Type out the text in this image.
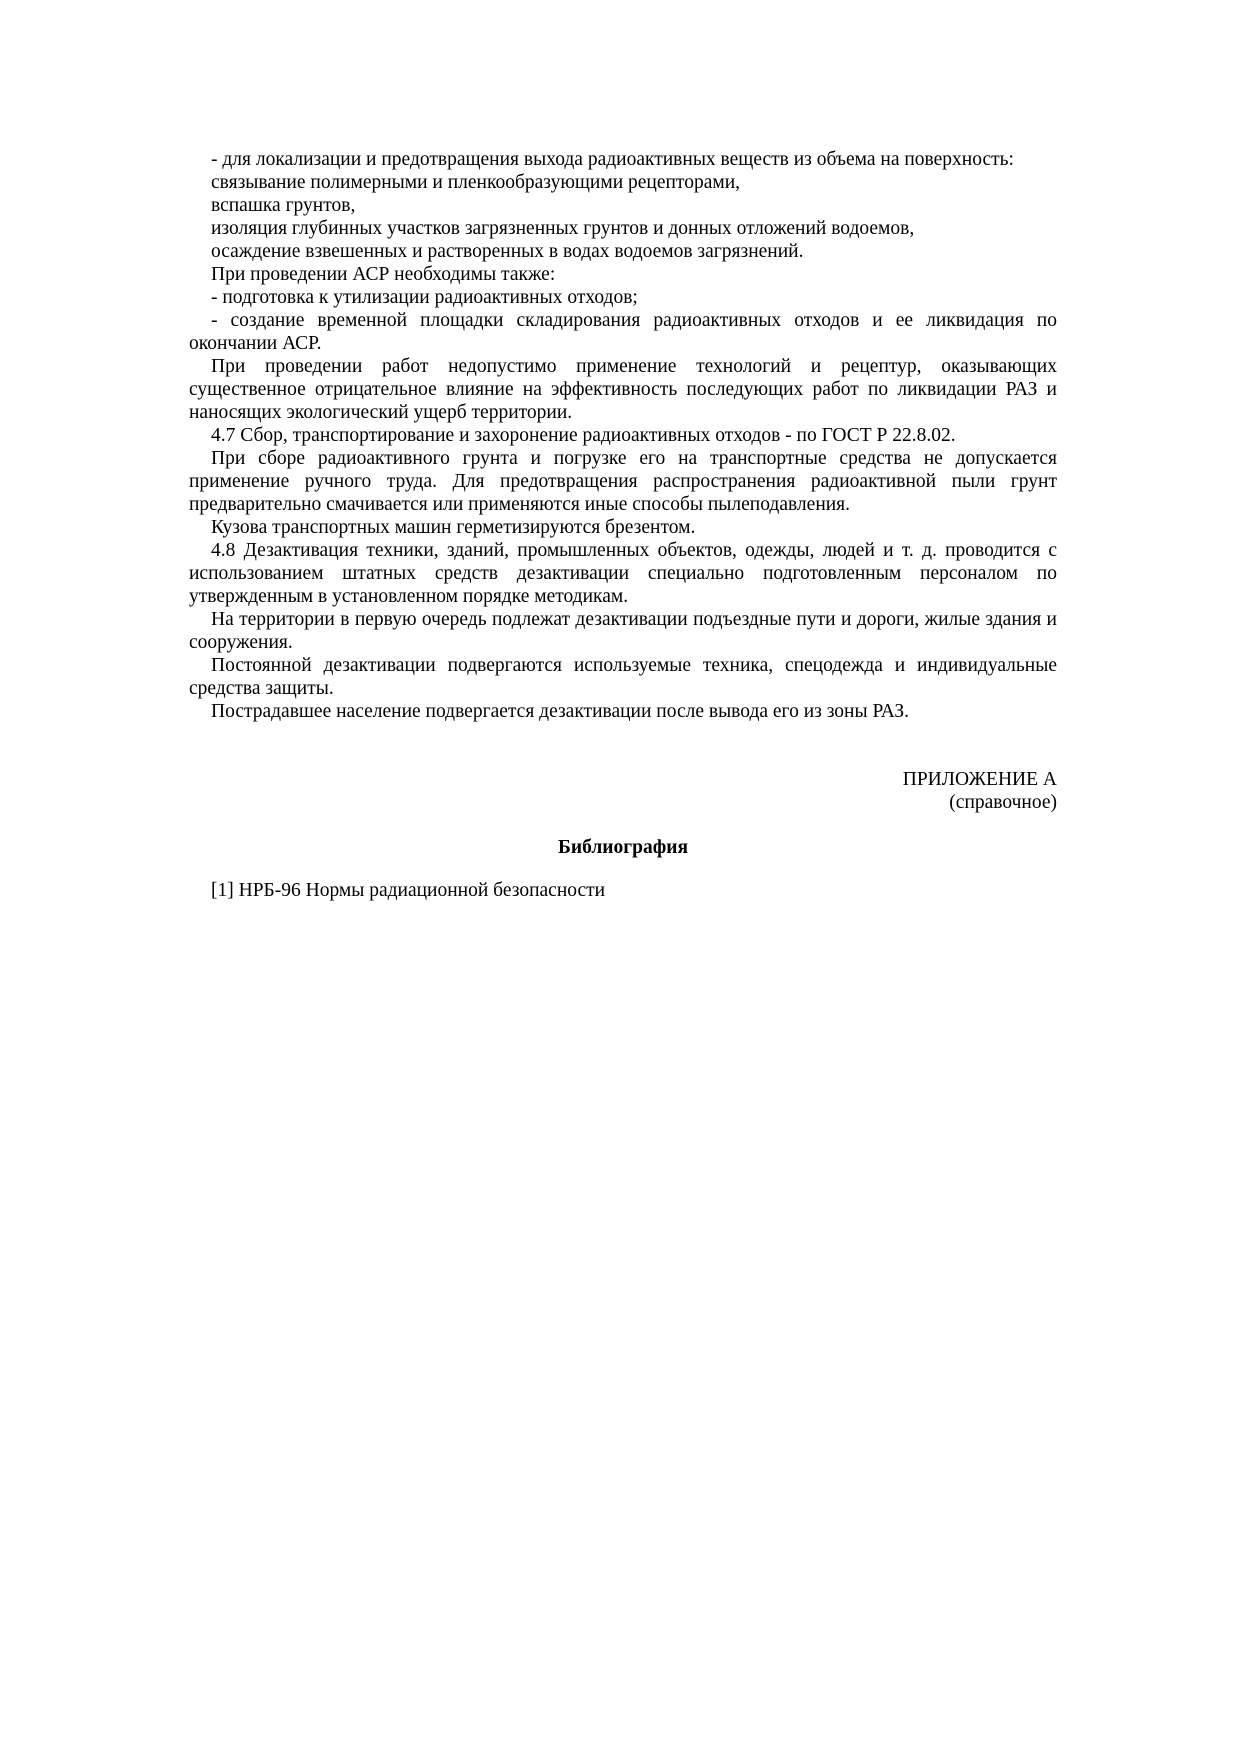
- для локализации и предотвращения выхода радиоактивных веществ из объема на поверхность:

связывание полимерными и пленкообразующими рецепторами,

вспашка грунтов,

изоляция глубинных участков загрязненных грунтов и донных отложений водоемов,

осаждение взвешенных и растворенных в водах водоемов загрязнений.

При проведении АСР необходимы также:

- подготовка к утилизации радиоактивных отходов;

- создание временной площадки складирования радиоактивных отходов и ее ликвидация по окончании АСР.

При проведении работ недопустимо применение технологий и рецептур, оказывающих существенное отрицательное влияние на эффективность последующих работ по ликвидации РАЗ и наносящих экологический ущерб территории.

4.7 Сбор, транспортирование и захоронение радиоактивных отходов - по ГОСТ Р 22.8.02.

При сборе радиоактивного грунта и погрузке его на транспортные средства не допускается применение ручного труда. Для предотвращения распространения радиоактивной пыли грунт предварительно смачивается или применяются иные способы пылеподавления.

Кузова транспортных машин герметизируются брезентом.

4.8 Дезактивация техники, зданий, промышленных объектов, одежды, людей и т. д. проводится с использованием штатных средств дезактивации специально подготовленным персоналом по утвержденным в установленном порядке методикам.

На территории в первую очередь подлежат дезактивации подъездные пути и дороги, жилые здания и сооружения.

Постоянной дезактивации подвергаются используемые техника, спецодежда и индивидуальные средства защиты.

Пострадавшее население подвергается дезактивации после вывода его из зоны РАЗ.

ПРИЛОЖЕНИЕ А

(справочное)

Библиография

[1] НРБ-96 Нормы радиационной безопасности
